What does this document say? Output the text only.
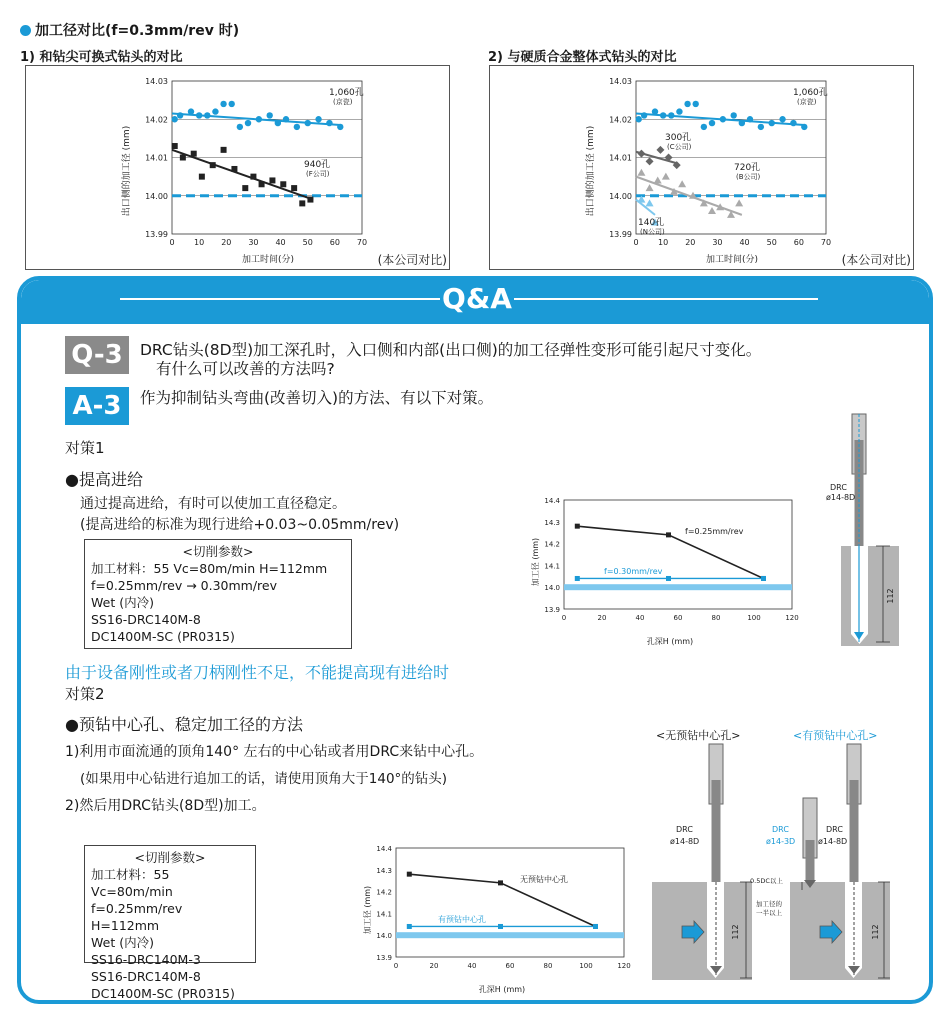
加工径对比(f=0.3mm/rev 时)
1) 和钻尖可换式钻头的对比	2) 与硬质合金整体式钻头的对比
14.03
14.02
14.01
14.00
13.99
0 10 20 30 40 50 60 70
出口侧的加工径 (mm)
加工时间(分)
1,060孔
(京瓷)
940孔
(F公司)
(本公司对比)
14.03
14.02
14.01
14.00
13.99
0 10 20 30 40 50 60 70
出口侧的加工径 (mm)
加工时间(分)
1,060孔
(京瓷)
300孔
(C公司)
720孔
(B公司)
140孔
(N公司)
(本公司对比)
Q&A
Q-3
A-3
DRC钻头(8D型)加工深孔时，入口侧和内部(出口侧)的加工径弹性变形可能引起尺寸变化。
有什么可以改善的方法吗?
作为抑制钻头弯曲(改善切入)的方法、有以下对策。
对策1
●提高进给
通过提高进给，有时可以使加工直径稳定。
(提高进给的标准为现行进给+0.03~0.05mm/rev)
<切削参数>
加工材料：55 Vc=80m/min H=112mm
f=0.25mm/rev → 0.30mm/rev
Wet (内冷)
SS16-DRC140M-8
DC1400M-SC (PR0315)
14.4
14.3
14.2
14.1
14.0
13.9
0	20	40	60	80	100	120
加工径 (mm)
孔深H (mm)
f=0.25mm/rev
f=0.30mm/rev
DRC
ø14-8D
112
由于设备刚性或者刀柄刚性不足，不能提高现有进给时
对策2
●预钻中心孔、稳定加工径的方法
1)利用市面流通的顶角140° 左右的中心钻或者用DRC来钻中心孔。
(如果用中心钻进行追加工的话，请使用顶角大于140°的钻头)
2)然后用DRC钻头(8D型)加工。
<切削参数>
加工材料：55 Vc=80m/min
f=0.25mm/rev H=112mm
Wet (内冷)
SS16-DRC140M-3
SS16-DRC140M-8
DC1400M-SC (PR0315)
14.4
14.3
14.2
14.1
14.0
13.9
0	20	40	60	80	100	120
加工径 (mm)
孔深H (mm)
无预钻中心孔
有预钻中心孔
<无预钻中心孔>	<有预钻中心孔>
DRC
ø14-8D
112
DRC
ø14-3D
DRC
ø14-8D
112
0.5DC以上
加工径的
一半以上
